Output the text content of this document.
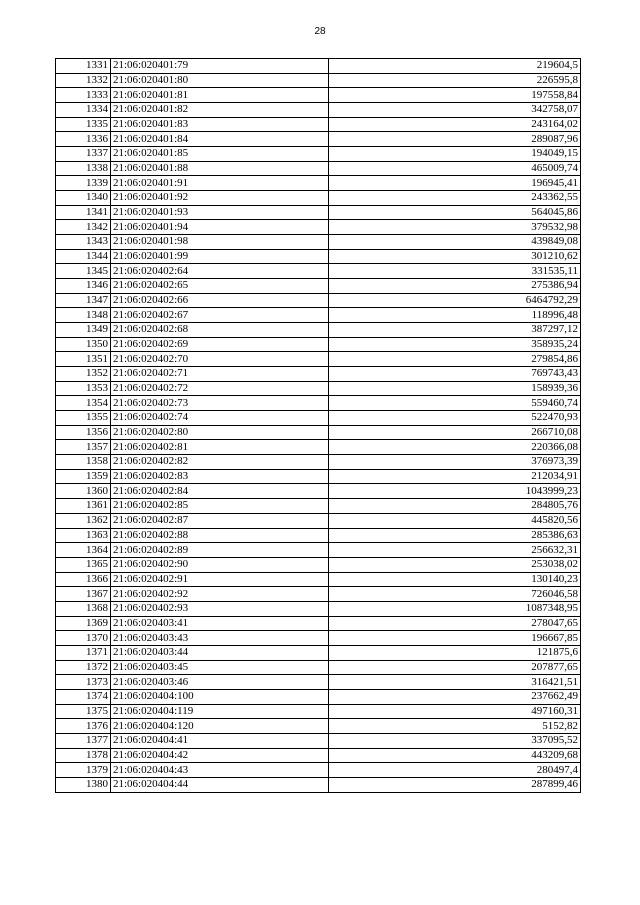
28
1331	21:06:020401:79	219604,5
1332	21:06:020401:80	226595,8
1333	21:06:020401:81	197558,84
1334	21:06:020401:82	342758,07
1335	21:06:020401:83	243164,02
1336	21:06:020401:84	289087,96
1337	21:06:020401:85	194049,15
1338	21:06:020401:88	465009,74
1339	21:06:020401:91	196945,41
1340	21:06:020401:92	243362,55
1341	21:06:020401:93	564045,86
1342	21:06:020401:94	379532,98
1343	21:06:020401:98	439849,08
1344	21:06:020401:99	301210,62
1345	21:06:020402:64	331535,11
1346	21:06:020402:65	275386,94
1347	21:06:020402:66	6464792,29
1348	21:06:020402:67	118996,48
1349	21:06:020402:68	387297,12
1350	21:06:020402:69	358935,24
1351	21:06:020402:70	279854,86
1352	21:06:020402:71	769743,43
1353	21:06:020402:72	158939,36
1354	21:06:020402:73	559460,74
1355	21:06:020402:74	522470,93
1356	21:06:020402:80	266710,08
1357	21:06:020402:81	220366,08
1358	21:06:020402:82	376973,39
1359	21:06:020402:83	212034,91
1360	21:06:020402:84	1043999,23
1361	21:06:020402:85	284805,76
1362	21:06:020402:87	445820,56
1363	21:06:020402:88	285386,63
1364	21:06:020402:89	256632,31
1365	21:06:020402:90	253038,02
1366	21:06:020402:91	130140,23
1367	21:06:020402:92	726046,58
1368	21:06:020402:93	1087348,95
1369	21:06:020403:41	278047,65
1370	21:06:020403:43	196667,85
1371	21:06:020403:44	121875,6
1372	21:06:020403:45	207877,65
1373	21:06:020403:46	316421,51
1374	21:06:020404:100	237662,49
1375	21:06:020404:119	497160,31
1376	21:06:020404:120	5152,82
1377	21:06:020404:41	337095,52
1378	21:06:020404:42	443209,68
1379	21:06:020404:43	280497,4
1380	21:06:020404:44	287899,46
